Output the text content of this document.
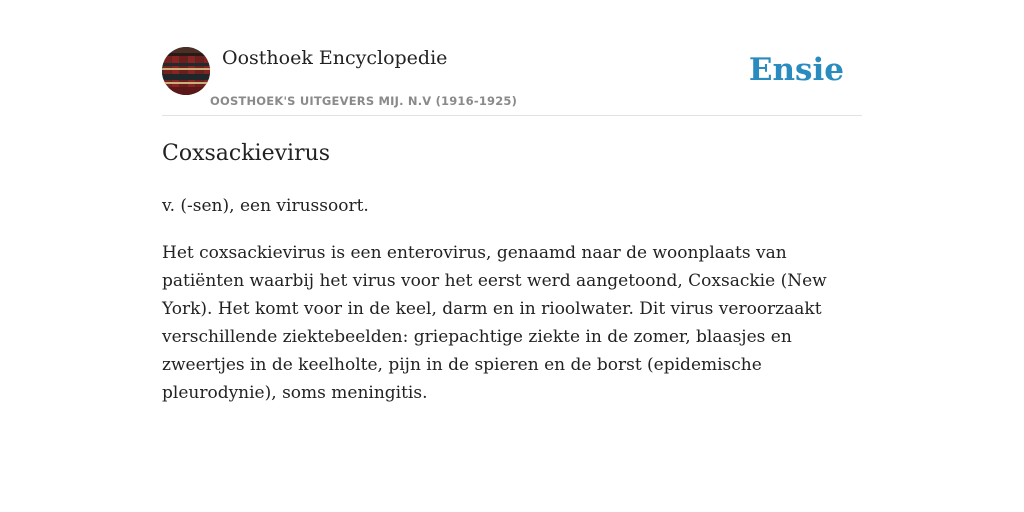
Oosthoek Encyclopedie
OOSTHOEK'S UITGEVERS MIJ. N.V (1916-1925)
Ensie
Coxsackievirus

v. (-sen), een virussoort.

Het coxsackievirus is een enterovirus, genaamd naar de woonplaats van patiënten waarbij het virus voor het eerst werd aangetoond, Coxsackie (New York). Het komt voor in de keel, darm en in rioolwater. Dit virus veroorzaakt verschillende ziektebeelden: griepachtige ziekte in de zomer, blaasjes en zweertjes in de keelholte, pijn in de spieren en de borst (epidemische pleurodynie), soms meningitis.
